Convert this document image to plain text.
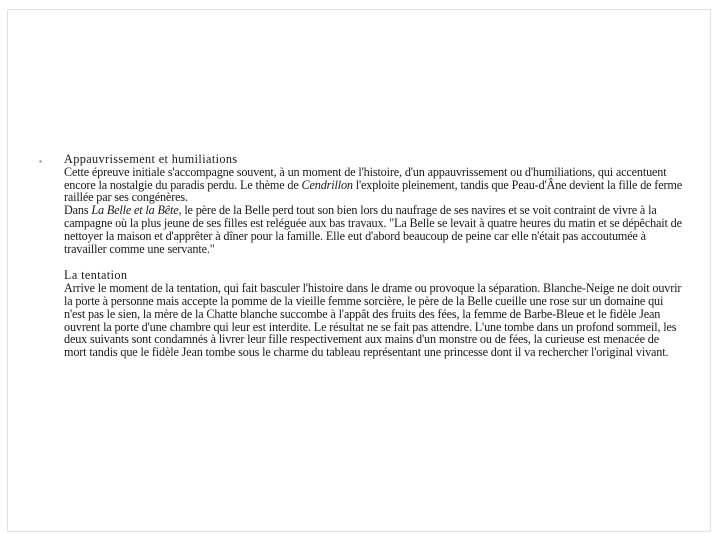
▪ Appauvrissement et humiliations
Cette épreuve initiale s'accompagne souvent, à un moment de l'histoire, d'un appauvrissement ou d'humiliations, qui accentuent encore la nostalgie du paradis perdu. Le thème de Cendrillon l'exploite pleinement, tandis que Peau-d'Âne devient la fille de ferme raillée par ses congénères.
Dans La Belle et la Bête, le père de la Belle perd tout son bien lors du naufrage de ses navires et se voit contraint de vivre à la campagne où la plus jeune de ses filles est reléguée aux bas travaux. "La Belle se levait à quatre heures du matin et se dépêchait de nettoyer la maison et d'apprêter à dîner pour la famille. Elle eut d'abord beaucoup de peine car elle n'était pas accoutumée à travailler comme une servante."
La tentation
Arrive le moment de la tentation, qui fait basculer l'histoire dans le drame ou provoque la séparation. Blanche-Neige ne doit ouvrir la porte à personne mais accepte la pomme de la vieille femme sorcière, le père de la Belle cueille une rose sur un domaine qui n'est pas le sien, la mère de la Chatte blanche succombe à l'appât des fruits des fées, la femme de Barbe-Bleue et le fidèle Jean ouvrent la porte d'une chambre qui leur est interdite. Le résultat ne se fait pas attendre. L'une tombe dans un profond sommeil, les deux suivants sont condamnés à livrer leur fille respectivement aux mains d'un monstre ou de fées, la curieuse est menacée de mort tandis que le fidèle Jean tombe sous le charme du tableau représentant une princesse dont il va rechercher l'original vivant.
